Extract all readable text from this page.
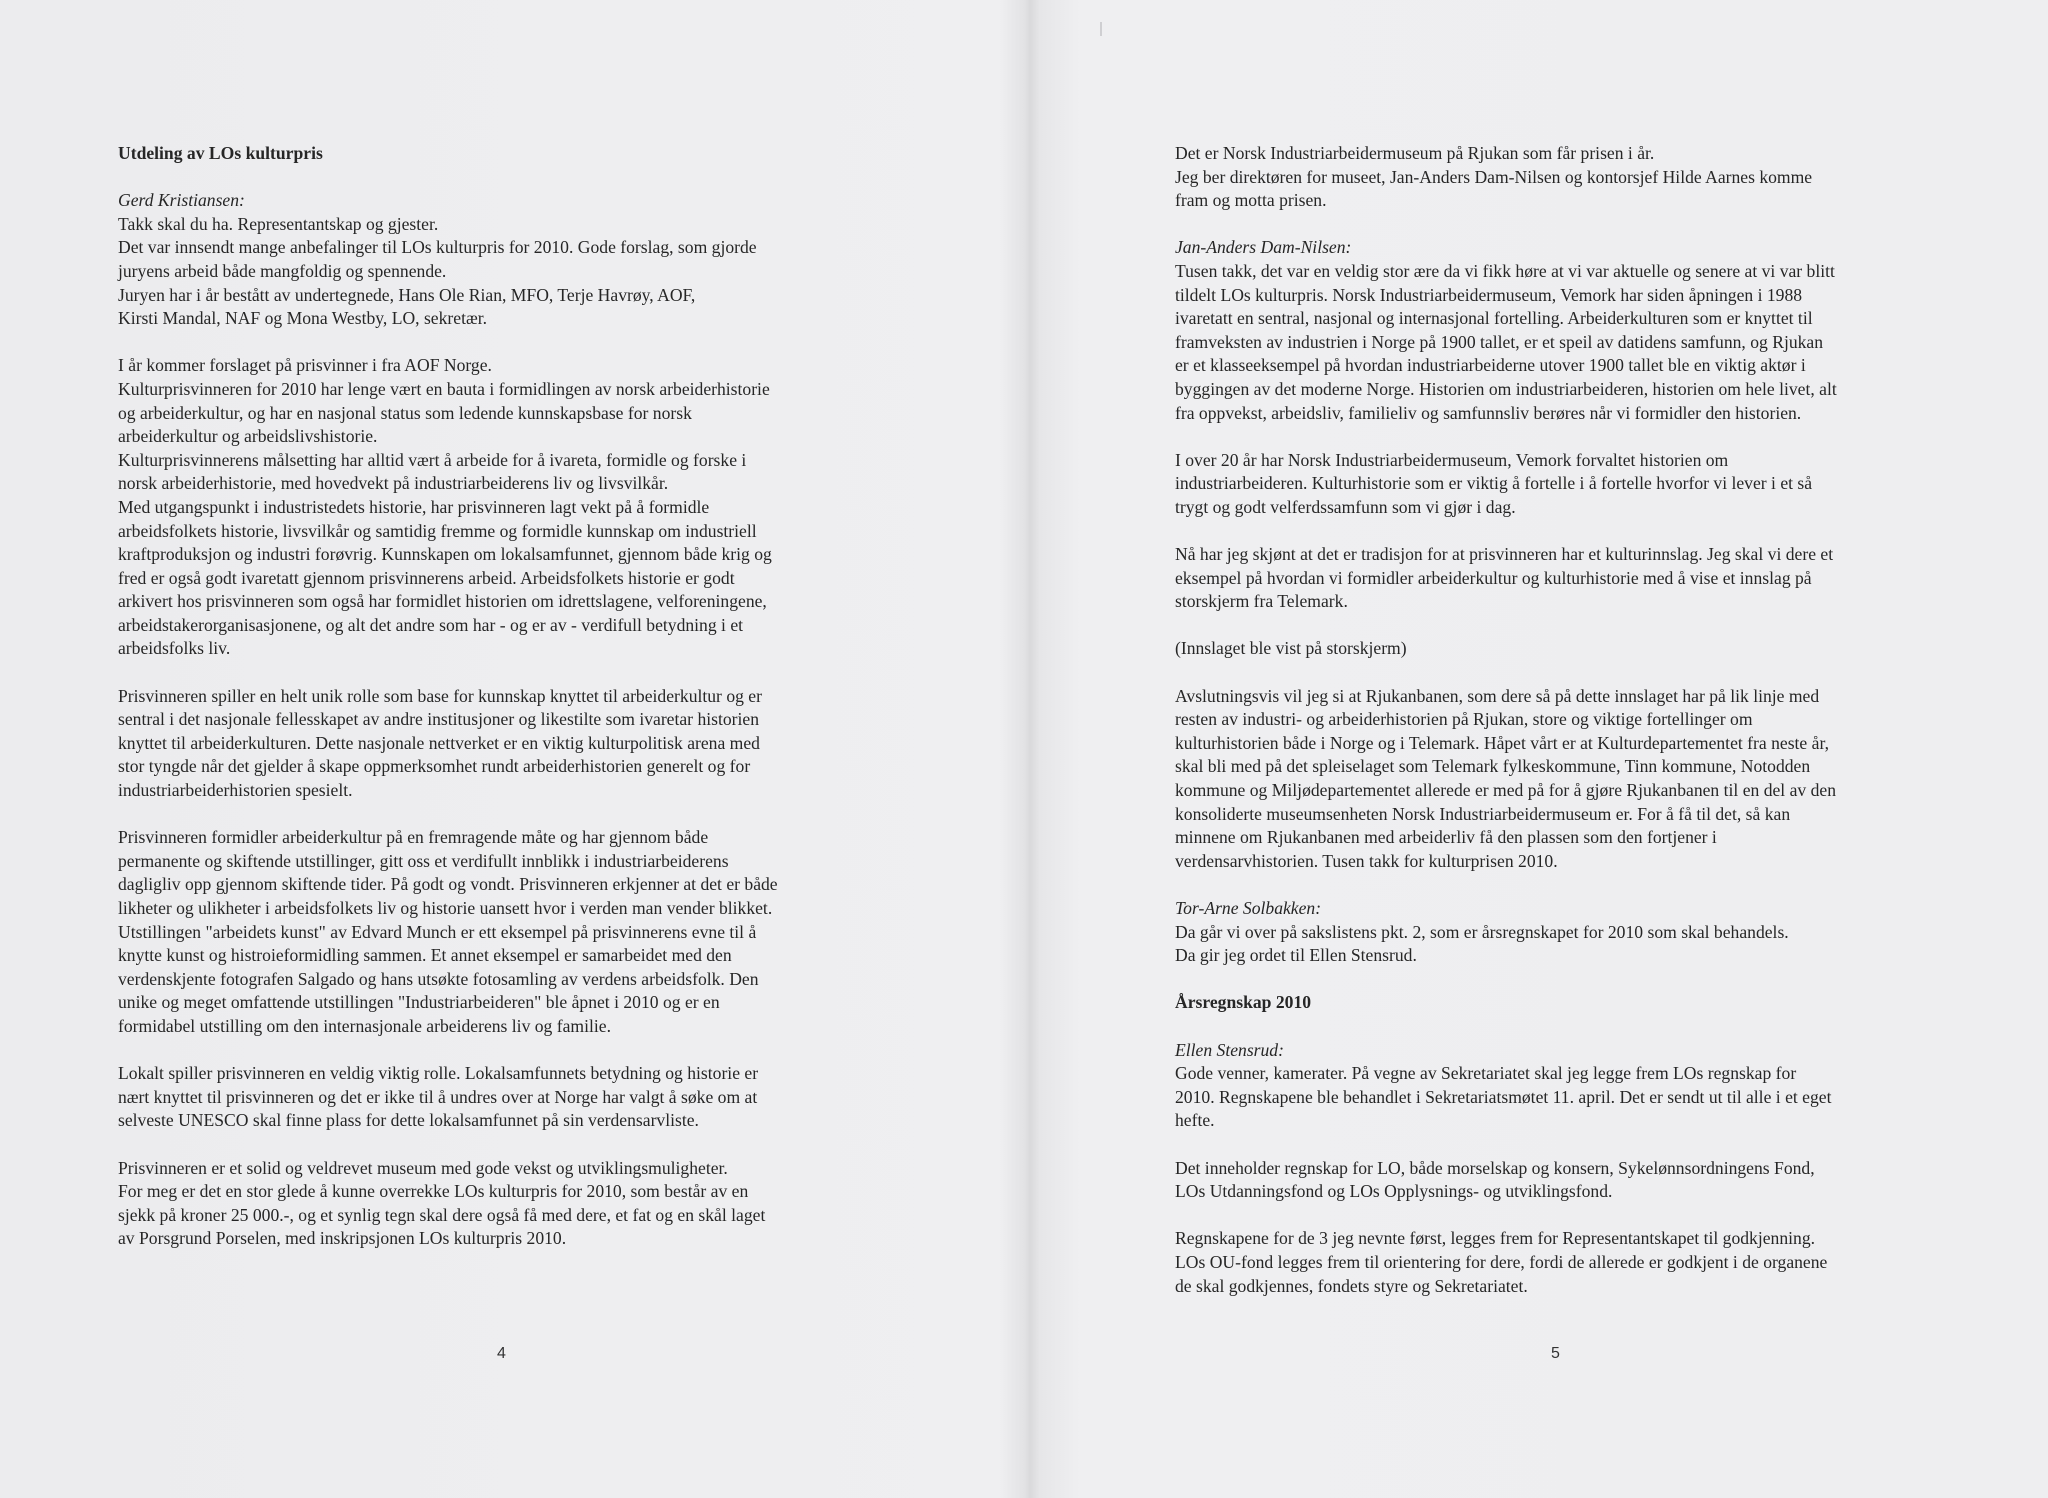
Utdeling av LOs kulturpris

Gerd Kristiansen:

Takk skal du ha. Representantskap og gjester.

Det var innsendt mange anbefalinger til LOs kulturpris for 2010. Gode forslag, som gjorde

juryens arbeid både mangfoldig og spennende.

Juryen har i år bestått av undertegnede, Hans Ole Rian, MFO, Terje Havrøy, AOF,

Kirsti Mandal, NAF og Mona Westby, LO, sekretær.

I år kommer forslaget på prisvinner i fra AOF Norge.

Kulturprisvinneren for 2010 har lenge vært en bauta i formidlingen av norsk arbeiderhistorie

og arbeiderkultur, og har en nasjonal status som ledende kunnskapsbase for norsk

arbeiderkultur og arbeidslivshistorie.

Kulturprisvinnerens målsetting har alltid vært å arbeide for å ivareta, formidle og forske i

norsk arbeiderhistorie, med hovedvekt på industriarbeiderens liv og livsvilkår.

Med utgangspunkt i industristedets historie, har prisvinneren lagt vekt på å formidle

arbeidsfolkets historie, livsvilkår og samtidig fremme og formidle kunnskap om industriell

kraftproduksjon og industri forøvrig. Kunnskapen om lokalsamfunnet, gjennom både krig og

fred er også godt ivaretatt gjennom prisvinnerens arbeid. Arbeidsfolkets historie er godt

arkivert hos prisvinneren som også har formidlet historien om idrettslagene, velforeningene,

arbeidstakerorganisasjonene, og alt det andre som har - og er av - verdifull betydning i et

arbeidsfolks liv.

Prisvinneren spiller en helt unik rolle som base for kunnskap knyttet til arbeiderkultur og er

sentral i det nasjonale fellesskapet av andre institusjoner og likestilte som ivaretar historien

knyttet til arbeiderkulturen. Dette nasjonale nettverket er en viktig kulturpolitisk arena med

stor tyngde når det gjelder å skape oppmerksomhet rundt arbeiderhistorien generelt og for

industriarbeiderhistorien spesielt.

Prisvinneren formidler arbeiderkultur på en fremragende måte og har gjennom både

permanente og skiftende utstillinger, gitt oss et verdifullt innblikk i industriarbeiderens

dagligliv opp gjennom skiftende tider. På godt og vondt. Prisvinneren erkjenner at det er både

likheter og ulikheter i arbeidsfolkets liv og historie uansett hvor i verden man vender blikket.

Utstillingen "arbeidets kunst" av Edvard Munch er ett eksempel på prisvinnerens evne til å

knytte kunst og histroieformidling sammen. Et annet eksempel er samarbeidet med den

verdenskjente fotografen Salgado og hans utsøkte fotosamling av verdens arbeidsfolk. Den

unike og meget omfattende utstillingen "Industriarbeideren" ble åpnet i 2010 og er en

formidabel utstilling om den internasjonale arbeiderens liv og familie.

Lokalt spiller prisvinneren en veldig viktig rolle. Lokalsamfunnets betydning og historie er

nært knyttet til prisvinneren og det er ikke til å undres over at Norge har valgt å søke om at

selveste UNESCO skal finne plass for dette lokalsamfunnet på sin verdensarvliste.

Prisvinneren er et solid og veldrevet museum med gode vekst og utviklingsmuligheter.

For meg er det en stor glede å kunne overrekke LOs kulturpris for 2010, som består av en

sjekk på kroner 25 000.-, og et synlig tegn skal dere også få med dere, et fat og en skål laget

av Porsgrund Porselen, med inskripsjonen LOs kulturpris 2010.

4

Det er Norsk Industriarbeidermuseum på Rjukan som får prisen i år.

Jeg ber direktøren for museet, Jan-Anders Dam-Nilsen og kontorsjef Hilde Aarnes komme

fram og motta prisen.

Jan-Anders Dam-Nilsen:

Tusen takk, det var en veldig stor ære da vi fikk høre at vi var aktuelle og senere at vi var blitt

tildelt LOs kulturpris. Norsk Industriarbeidermuseum, Vemork har siden åpningen i 1988

ivaretatt en sentral, nasjonal og internasjonal fortelling. Arbeiderkulturen som er knyttet til

framveksten av industrien i Norge på 1900 tallet, er et speil av datidens samfunn, og Rjukan

er et klasseeksempel på hvordan industriarbeiderne utover 1900 tallet ble en viktig aktør i

byggingen av det moderne Norge. Historien om industriarbeideren, historien om hele livet, alt

fra oppvekst, arbeidsliv, familieliv og samfunnsliv berøres når vi formidler den historien.

I over 20 år har Norsk Industriarbeidermuseum, Vemork forvaltet historien om

industriarbeideren. Kulturhistorie som er viktig å fortelle i å fortelle hvorfor vi lever i et så

trygt og godt velferdssamfunn som vi gjør i dag.

Nå har jeg skjønt at det er tradisjon for at prisvinneren har et kulturinnslag. Jeg skal vi dere et

eksempel på hvordan vi formidler arbeiderkultur og kulturhistorie med å vise et innslag på

storskjerm fra Telemark.

(Innslaget ble vist på storskjerm)

Avslutningsvis vil jeg si at Rjukanbanen, som dere så på dette innslaget har på lik linje med

resten av industri- og arbeiderhistorien på Rjukan, store og viktige fortellinger om

kulturhistorien både i Norge og i Telemark. Håpet vårt er at Kulturdepartementet fra neste år,

skal bli med på det spleiselaget som Telemark fylkeskommune, Tinn kommune, Notodden

kommune og Miljødepartementet allerede er med på for å gjøre Rjukanbanen til en del av den

konsoliderte museumsenheten Norsk Industriarbeidermuseum er. For å få til det, så kan

minnene om Rjukanbanen med arbeiderliv få den plassen som den fortjener i

verdensarvhistorien. Tusen takk for kulturprisen 2010.

Tor-Arne Solbakken:

Da går vi over på sakslistens pkt. 2, som er årsregnskapet for 2010 som skal behandels.

Da gir jeg ordet til Ellen Stensrud.

Årsregnskap 2010

Ellen Stensrud:

Gode venner, kamerater. På vegne av Sekretariatet skal jeg legge frem LOs regnskap for

2010. Regnskapene ble behandlet i Sekretariatsmøtet 11. april. Det er sendt ut til alle i et eget

hefte.

Det inneholder regnskap for LO, både morselskap og konsern, Sykelønnsordningens Fond,

LOs Utdanningsfond og LOs Opplysnings- og utviklingsfond.

Regnskapene for de 3 jeg nevnte først, legges frem for Representantskapet til godkjenning.

LOs OU-fond legges frem til orientering for dere, fordi de allerede er godkjent i de organene

de skal godkjennes, fondets styre og Sekretariatet.

5
